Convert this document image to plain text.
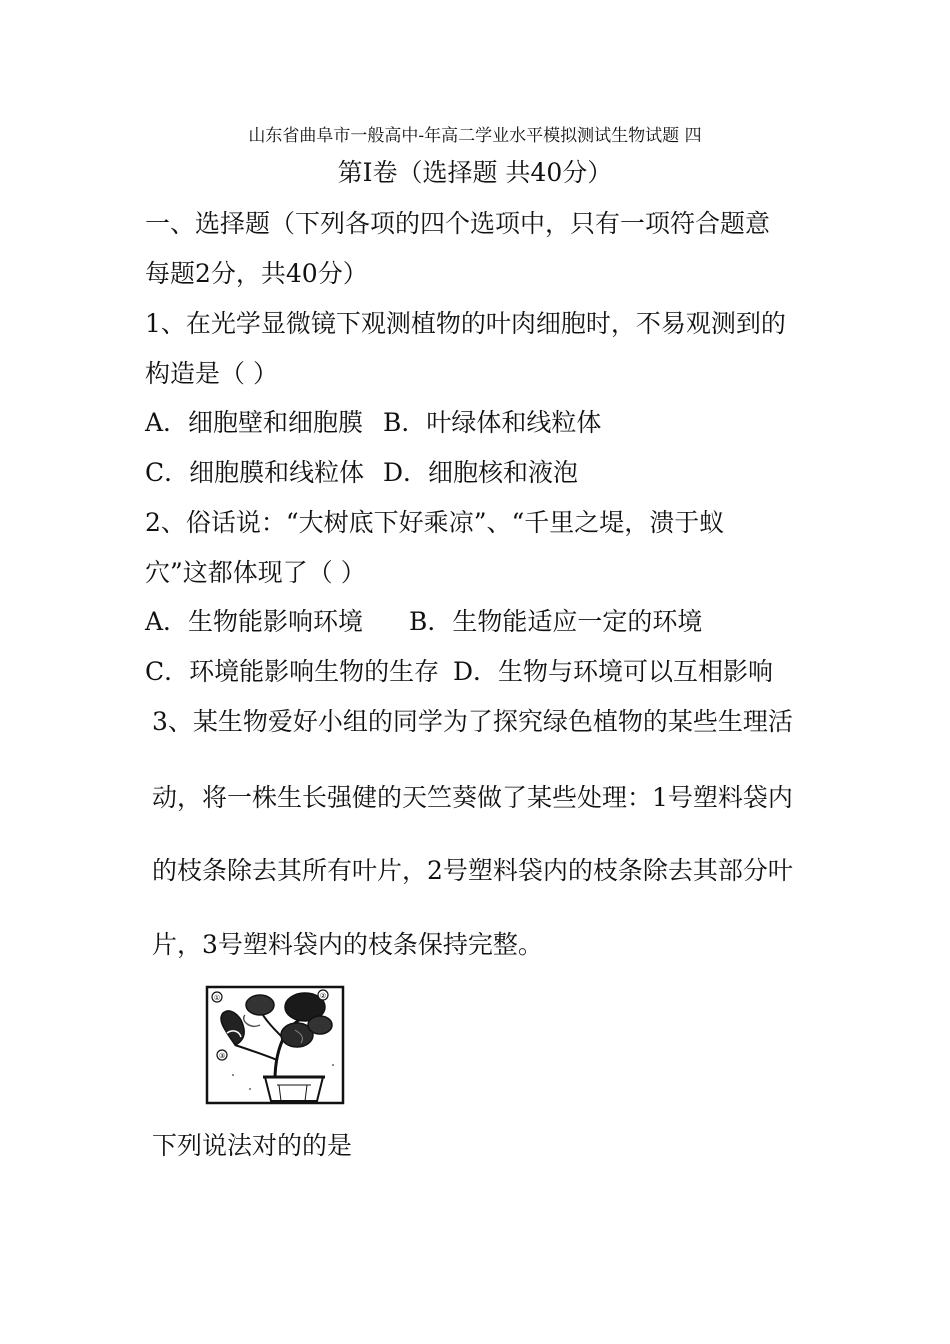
山东省曲阜市一般高中-年高二学业水平模拟测试生物试题 四
第Ⅰ卷（选择题 共40分）
一、选择题（下列各项的四个选项中，只有一项符合题意
每题2分，共40分）
1、在光学显微镜下观测植物的叶肉细胞时，不易观测到的
构造是（ ）
A．细胞壁和细胞膜 B．叶绿体和线粒体
C．细胞膜和线粒体 D．细胞核和液泡
2、俗话说：“大树底下好乘凉”、“千里之堤，溃于蚁
穴”这都体现了（ ）
A．生物能影响环境	B．生物能适应一定的环境
C．环境能影响生物的生存 D．生物与环境可以互相影响
3、某生物爱好小组的同学为了探究绿色植物的某些生理活
动，将一株生长强健的天竺葵做了某些处理：1号塑料袋内
的枝条除去其所有叶片，2号塑料袋内的枝条除去其部分叶
片，3号塑料袋内的枝条保持完整。
①	②
③
下列说法对的的是
